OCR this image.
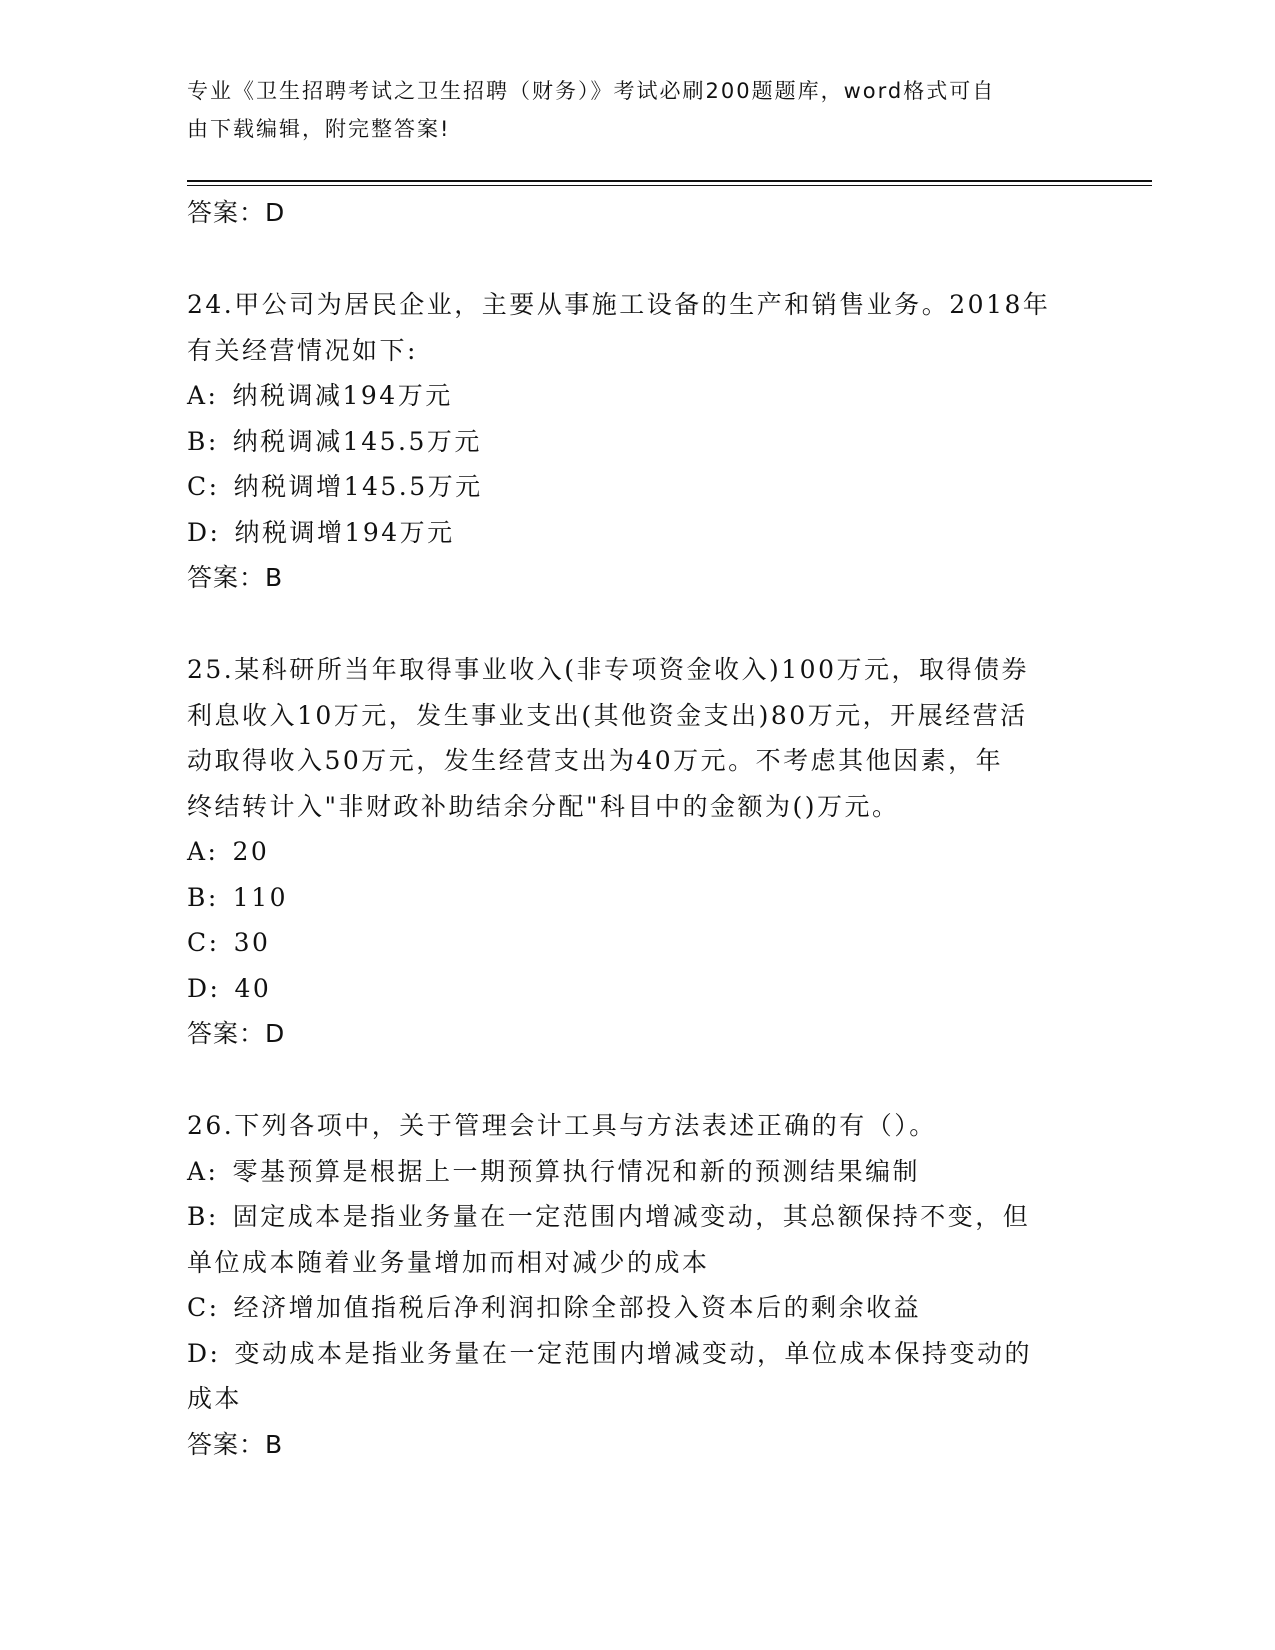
专业《卫生招聘考试之卫生招聘（财务）》考试必刷200题题库，word格式可自
由下载编辑，附完整答案!
答案：D
24.甲公司为居民企业，主要从事施工设备的生产和销售业务。2018年
有关经营情况如下:
A: 纳税调减194万元
B: 纳税调减145.5万元
C: 纳税调增145.5万元
D: 纳税调增194万元
答案：B
25.某科研所当年取得事业收入(非专项资金收入)100万元，取得债券
利息收入10万元，发生事业支出(其他资金支出)80万元，开展经营活
动取得收入50万元，发生经营支出为40万元。不考虑其他因素，年
终结转计入"非财政补助结余分配"科目中的金额为()万元。
A: 20
B: 110
C: 30
D: 40
答案：D
26.下列各项中，关于管理会计工具与方法表述正确的有（）。
A: 零基预算是根据上一期预算执行情况和新的预测结果编制
B: 固定成本是指业务量在一定范围内增减变动，其总额保持不变，但
单位成本随着业务量增加而相对减少的成本
C: 经济增加值指税后净利润扣除全部投入资本后的剩余收益
D: 变动成本是指业务量在一定范围内增减变动，单位成本保持变动的
成本
答案：B
